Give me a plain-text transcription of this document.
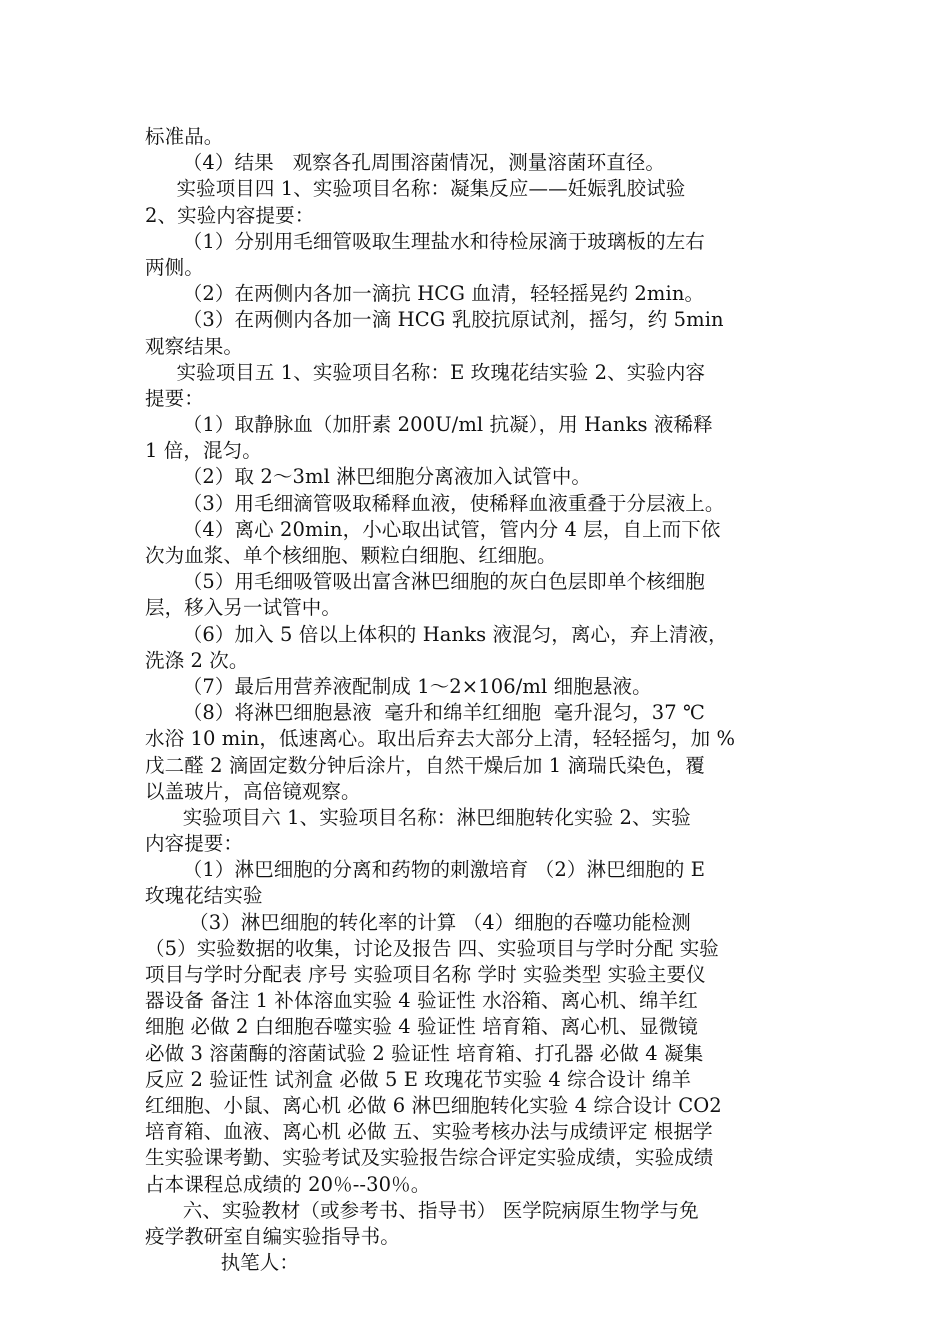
标准品。
（4）结果   观察各孔周围溶菌情况，测量溶菌环直径。
实验项目四 1、实验项目名称：凝集反应——妊娠乳胶试验
2、实验内容提要：
（1）分别用毛细管吸取生理盐水和待检尿滴于玻璃板的左右
两侧。
（2）在两侧内各加一滴抗 HCG 血清，轻轻摇晃约 2min。
（3）在两侧内各加一滴 HCG 乳胶抗原试剂，摇匀，约 5min
观察结果。
实验项目五 1、实验项目名称：E 玫瑰花结实验 2、实验内容
提要：
（1）取静脉血（加肝素 200U/ml 抗凝），用 Hanks 液稀释
1 倍，混匀。
（2）取 2～3ml 淋巴细胞分离液加入试管中。
（3）用毛细滴管吸取稀释血液，使稀释血液重叠于分层液上。
（4）离心 20min，小心取出试管，管内分 4 层，自上而下依
次为血浆、单个核细胞、颗粒白细胞、红细胞。
（5）用毛细吸管吸出富含淋巴细胞的灰白色层即单个核细胞
层，移入另一试管中。
（6）加入 5 倍以上体积的 Hanks 液混匀，离心，弃上清液，
洗涤 2 次。
（7）最后用营养液配制成 1～2×106/ml 细胞悬液。
（8）将淋巴细胞悬液  毫升和绵羊红细胞  毫升混匀，37 ℃
水浴 10 min，低速离心。取出后弃去大部分上清，轻轻摇匀，加 %
戊二醛 2 滴固定数分钟后涂片，自然干燥后加 1 滴瑞氏染色，覆
以盖玻片，高倍镜观察。
实验项目六 1、实验项目名称：淋巴细胞转化实验 2、实验
内容提要：
（1）淋巴细胞的分离和药物的刺激培育 （2）淋巴细胞的 E
玫瑰花结实验
（3）淋巴细胞的转化率的计算 （4）细胞的吞噬功能检测
（5）实验数据的收集，讨论及报告 四、实验项目与学时分配 实验
项目与学时分配表 序号 实验项目名称 学时 实验类型 实验主要仪
器设备 备注 1 补体溶血实验 4 验证性 水浴箱、离心机、绵羊红
细胞 必做 2 白细胞吞噬实验 4 验证性 培育箱、离心机、显微镜
必做 3 溶菌酶的溶菌试验 2 验证性 培育箱、打孔器 必做 4 凝集
反应 2 验证性 试剂盒 必做 5 E 玫瑰花节实验 4 综合设计 绵羊
红细胞、小鼠、离心机 必做 6 淋巴细胞转化实验 4 综合设计 CO2
培育箱、血液、离心机 必做 五、实验考核办法与成绩评定 根据学
生实验课考勤、实验考试及实验报告综合评定实验成绩，实验成绩
占本课程总成绩的 20％--30％。
六、实验教材（或参考书、指导书） 医学院病原生物学与免
疫学教研室自编实验指导书。
执笔人：
